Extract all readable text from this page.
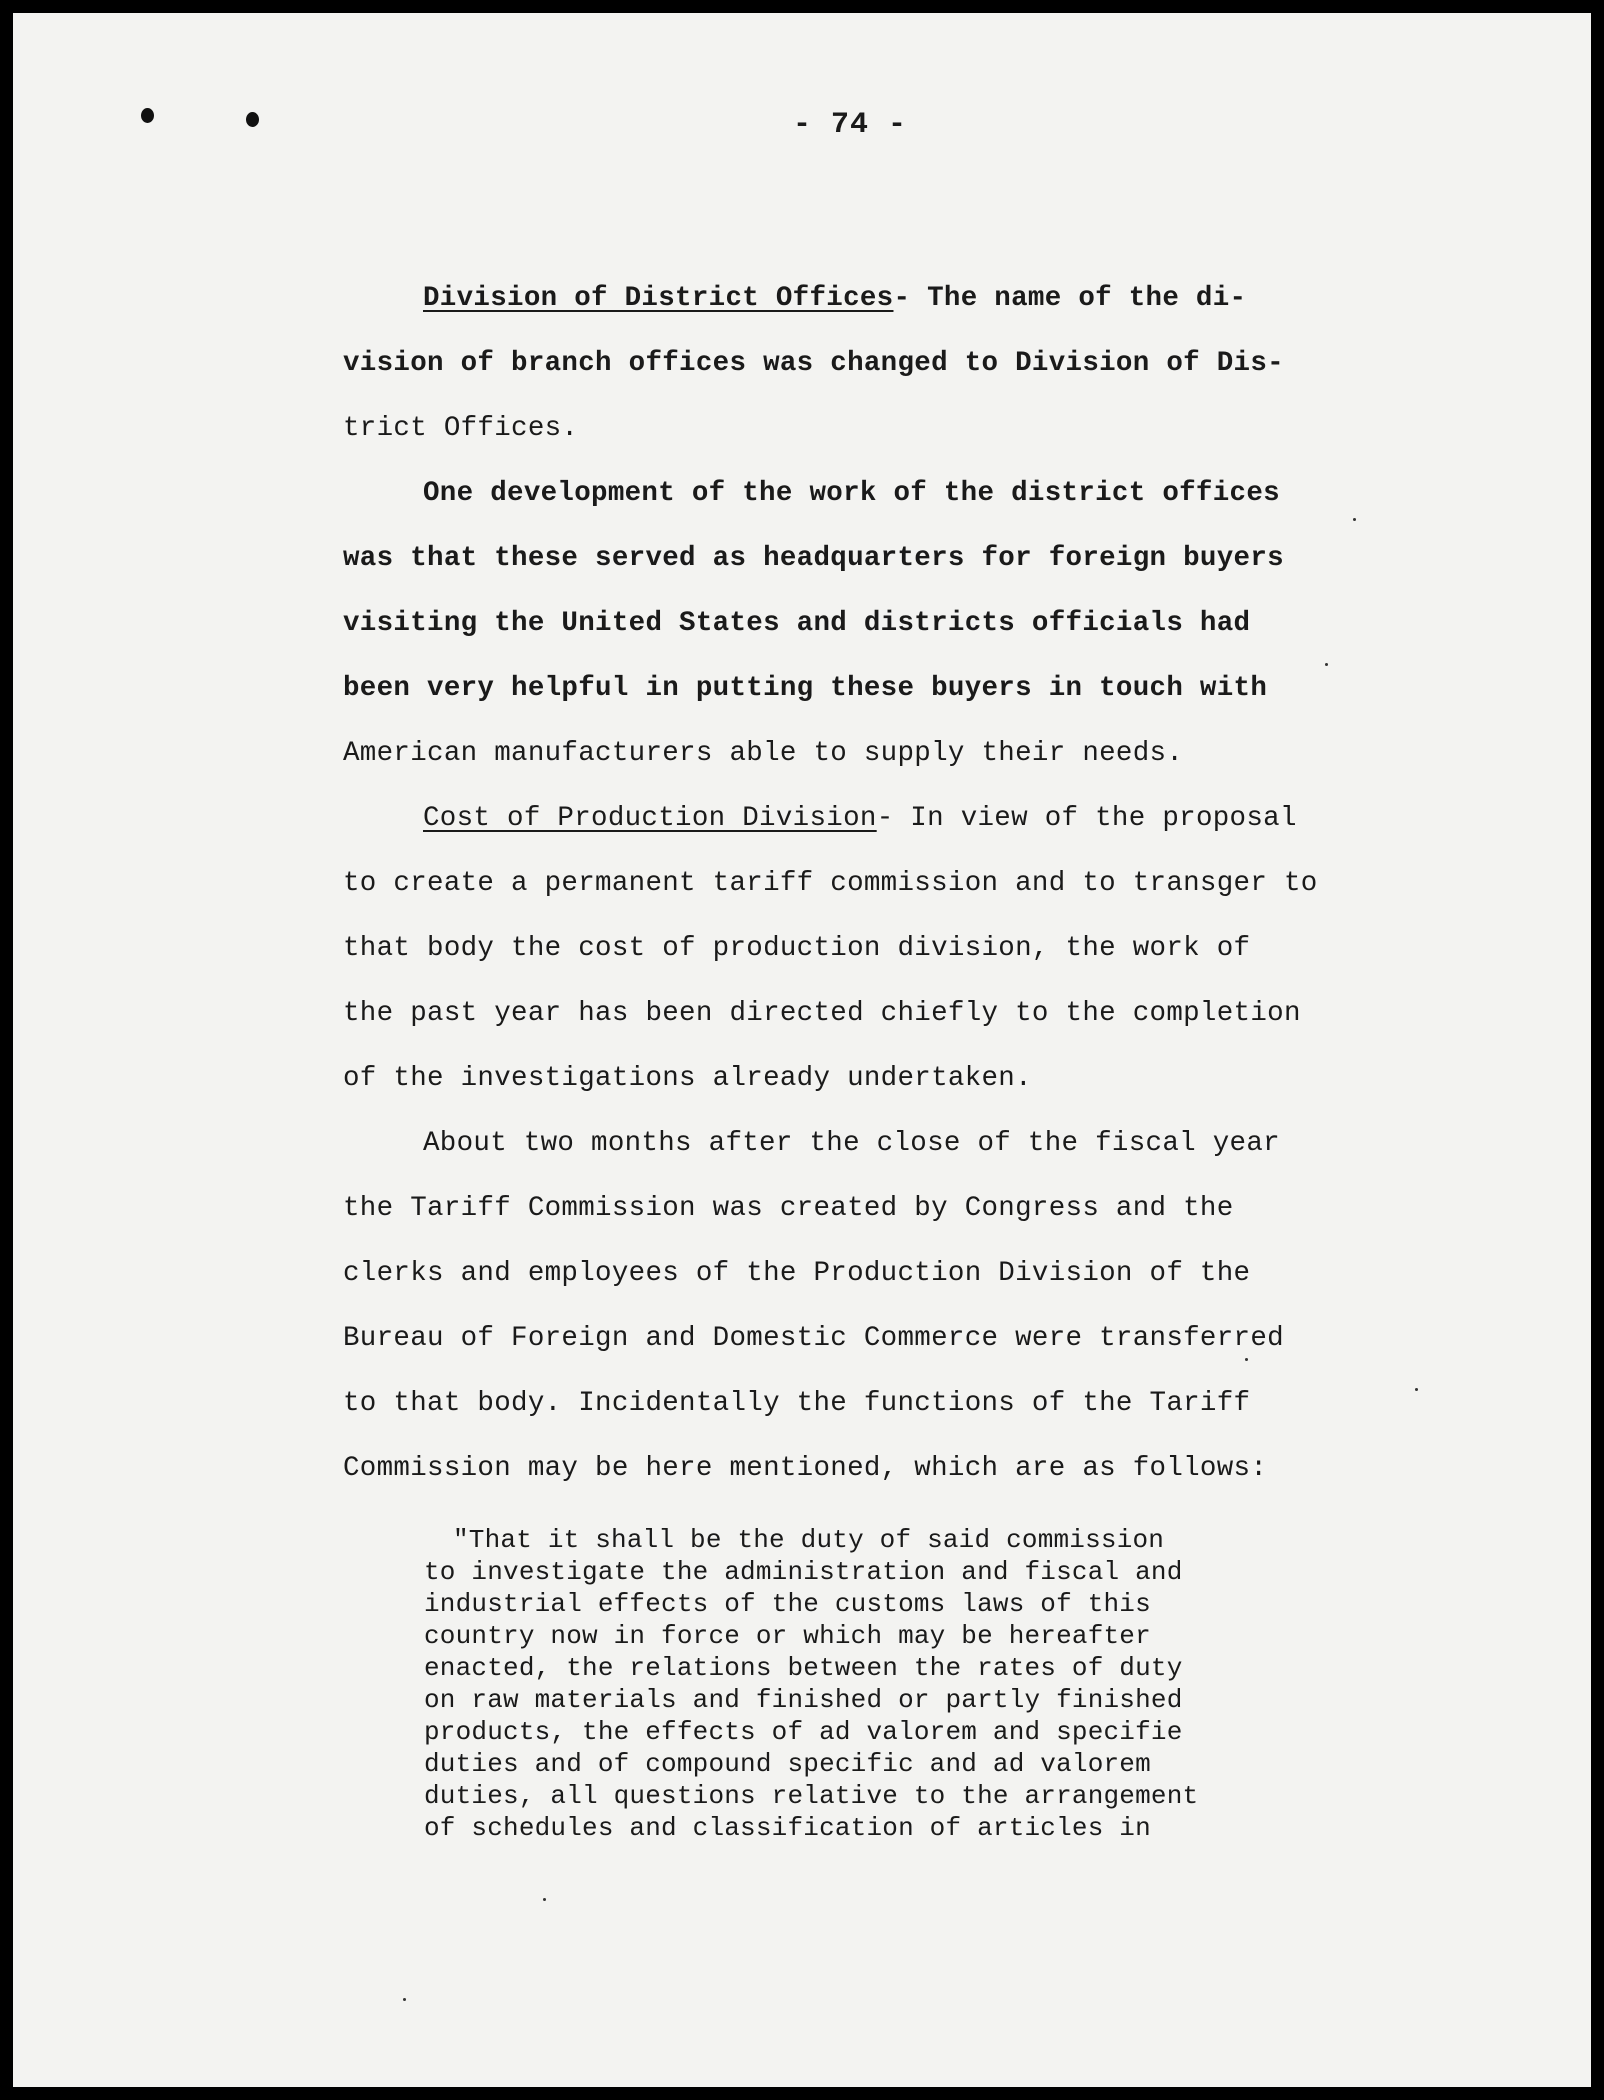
- 74 -
Division of District Offices- The name of the di-
vision of branch offices was changed to Division of Dis-
trict Offices.
One development of the work of the district offices
was that these served as headquarters for foreign buyers
visiting the United States and districts officials had
been very helpful in putting these buyers in touch with
American manufacturers able to supply their needs.
Cost of Production Division- In view of the proposal
to create a permanent tariff commission and to transger to
that body the cost of production division, the work of
the past year has been directed chiefly to the completion
of the investigations already undertaken.
About two months after the close of the fiscal year
the Tariff Commission was created by Congress and the
clerks and employees of the Production Division of the
Bureau of Foreign and Domestic Commerce were transferred
to that body. Incidentally the functions of the Tariff
Commission may be here mentioned, which are as follows:
"That it shall be the duty of said commission
to investigate the administration and fiscal and
industrial effects of the customs laws of this
country now in force or which may be hereafter
enacted, the relations between the rates of duty
on raw materials and finished or partly finished
products, the effects of ad valorem and specifie
duties and of compound specific and ad valorem
duties, all questions relative to the arrangement
of schedules and classification of articles in
